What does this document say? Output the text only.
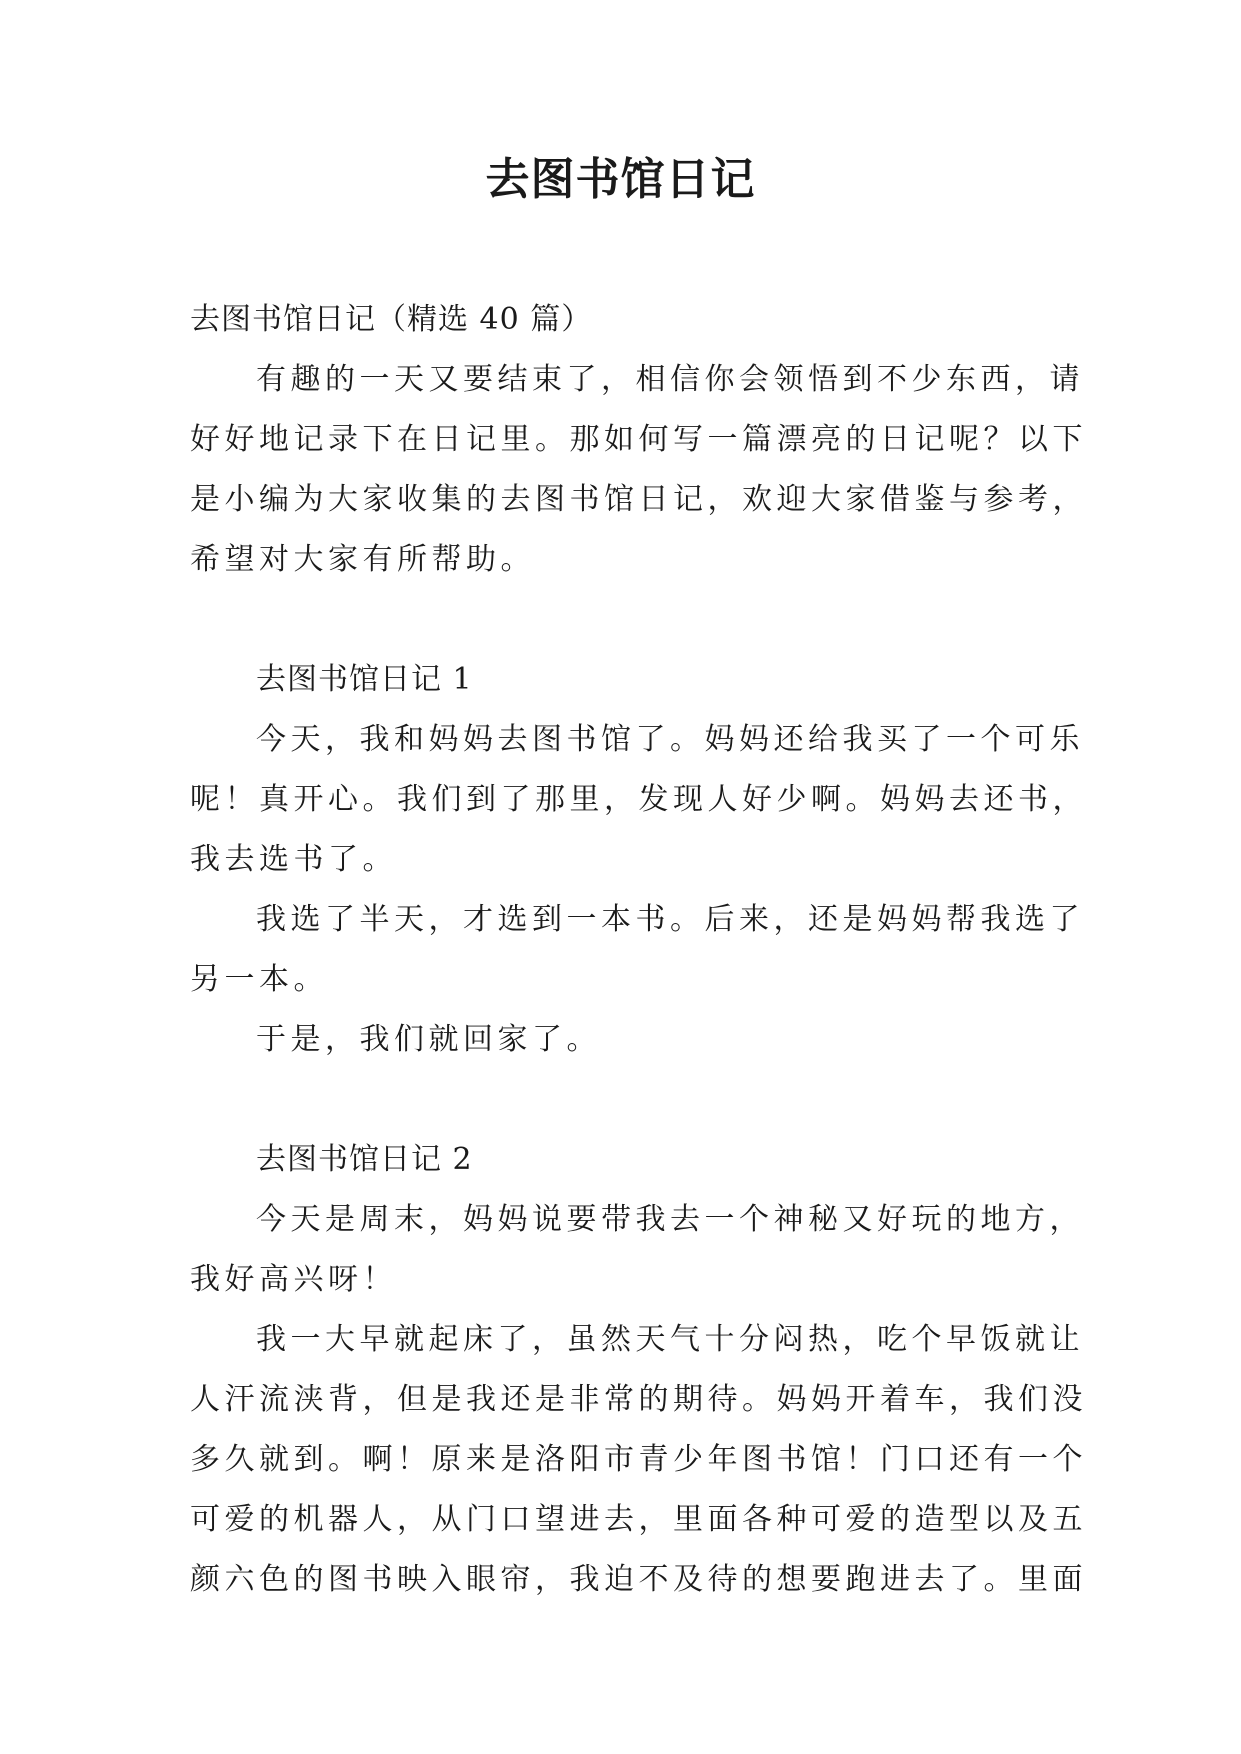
去图书馆日记
去图书馆日记（精选 40 篇）
有趣的一天又要结束了，相信你会领悟到不少东西，请
好好地记录下在日记里。那如何写一篇漂亮的日记呢？以下
是小编为大家收集的去图书馆日记，欢迎大家借鉴与参考，
希望对大家有所帮助。
去图书馆日记 1
今天，我和妈妈去图书馆了。妈妈还给我买了一个可乐
呢！真开心。我们到了那里，发现人好少啊。妈妈去还书，
我去选书了。
我选了半天，才选到一本书。后来，还是妈妈帮我选了
另一本。
于是，我们就回家了。
去图书馆日记 2
今天是周末，妈妈说要带我去一个神秘又好玩的地方，
我好高兴呀！
我一大早就起床了，虽然天气十分闷热，吃个早饭就让
人汗流浃背，但是我还是非常的期待。妈妈开着车，我们没
多久就到。啊！原来是洛阳市青少年图书馆！门口还有一个
可爱的机器人，从门口望进去，里面各种可爱的造型以及五
颜六色的图书映入眼帘，我迫不及待的想要跑进去了。里面
